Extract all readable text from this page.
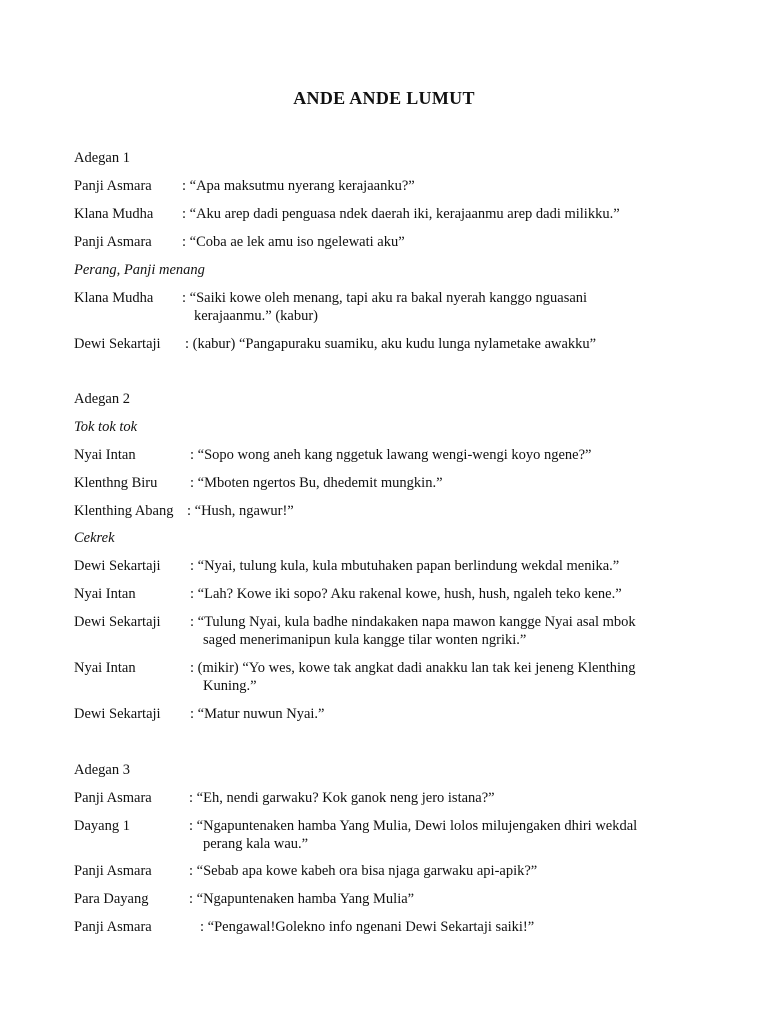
ANDE ANDE LUMUT
Adegan 1
Panji Asmara : “Apa maksutmu nyerang kerajaanku?”
Klana Mudha : “Aku arep dadi penguasa ndek daerah iki, kerajaanmu arep dadi milikku.”
Panji Asmara : “Coba ae lek amu iso ngelewati aku”
Perang, Panji menang
Klana Mudha : “Saiki kowe oleh menang, tapi aku ra bakal nyerah kanggo nguasani
kerajaanmu.” (kabur)
Dewi Sekartaji : (kabur) “Pangapuraku suamiku, aku kudu lunga nylametake awakku”
Adegan 2
Tok tok tok
Nyai Intan	: “Sopo wong aneh kang nggetuk lawang wengi-wengi koyo ngene?”
Klenthng Biru : “Mboten ngertos Bu, dhedemit mungkin.”
Klenthing Abang : “Hush, ngawur!”
Cekrek
Dewi Sekartaji : “Nyai, tulung kula, kula mbutuhaken papan berlindung wekdal menika.”
Nyai Intan	: “Lah? Kowe iki sopo? Aku rakenal kowe, hush, hush, ngaleh teko kene.”
Dewi Sekartaji : “Tulung Nyai, kula badhe nindakaken napa mawon kangge Nyai asal mbok
saged menerimanipun kula kangge tilar wonten ngriki.”
Nyai Intan	: (mikir) “Yo wes, kowe tak angkat dadi anakku lan tak kei jeneng Klenthing
Kuning.”
Dewi Sekartaji : “Matur nuwun Nyai.”
Adegan 3
Panji Asmara	: “Eh, nendi garwaku? Kok ganok neng jero istana?”
Dayang 1	: “Ngapuntenaken hamba Yang Mulia, Dewi lolos milujengaken dhiri wekdal
perang kala wau.”
Panji Asmara	: “Sebab apa kowe kabeh ora bisa njaga garwaku api-apik?”
Para Dayang	: “Ngapuntenaken hamba Yang Mulia”
Panji Asmara	: “Pengawal!Golekno info ngenani Dewi Sekartaji saiki!”
